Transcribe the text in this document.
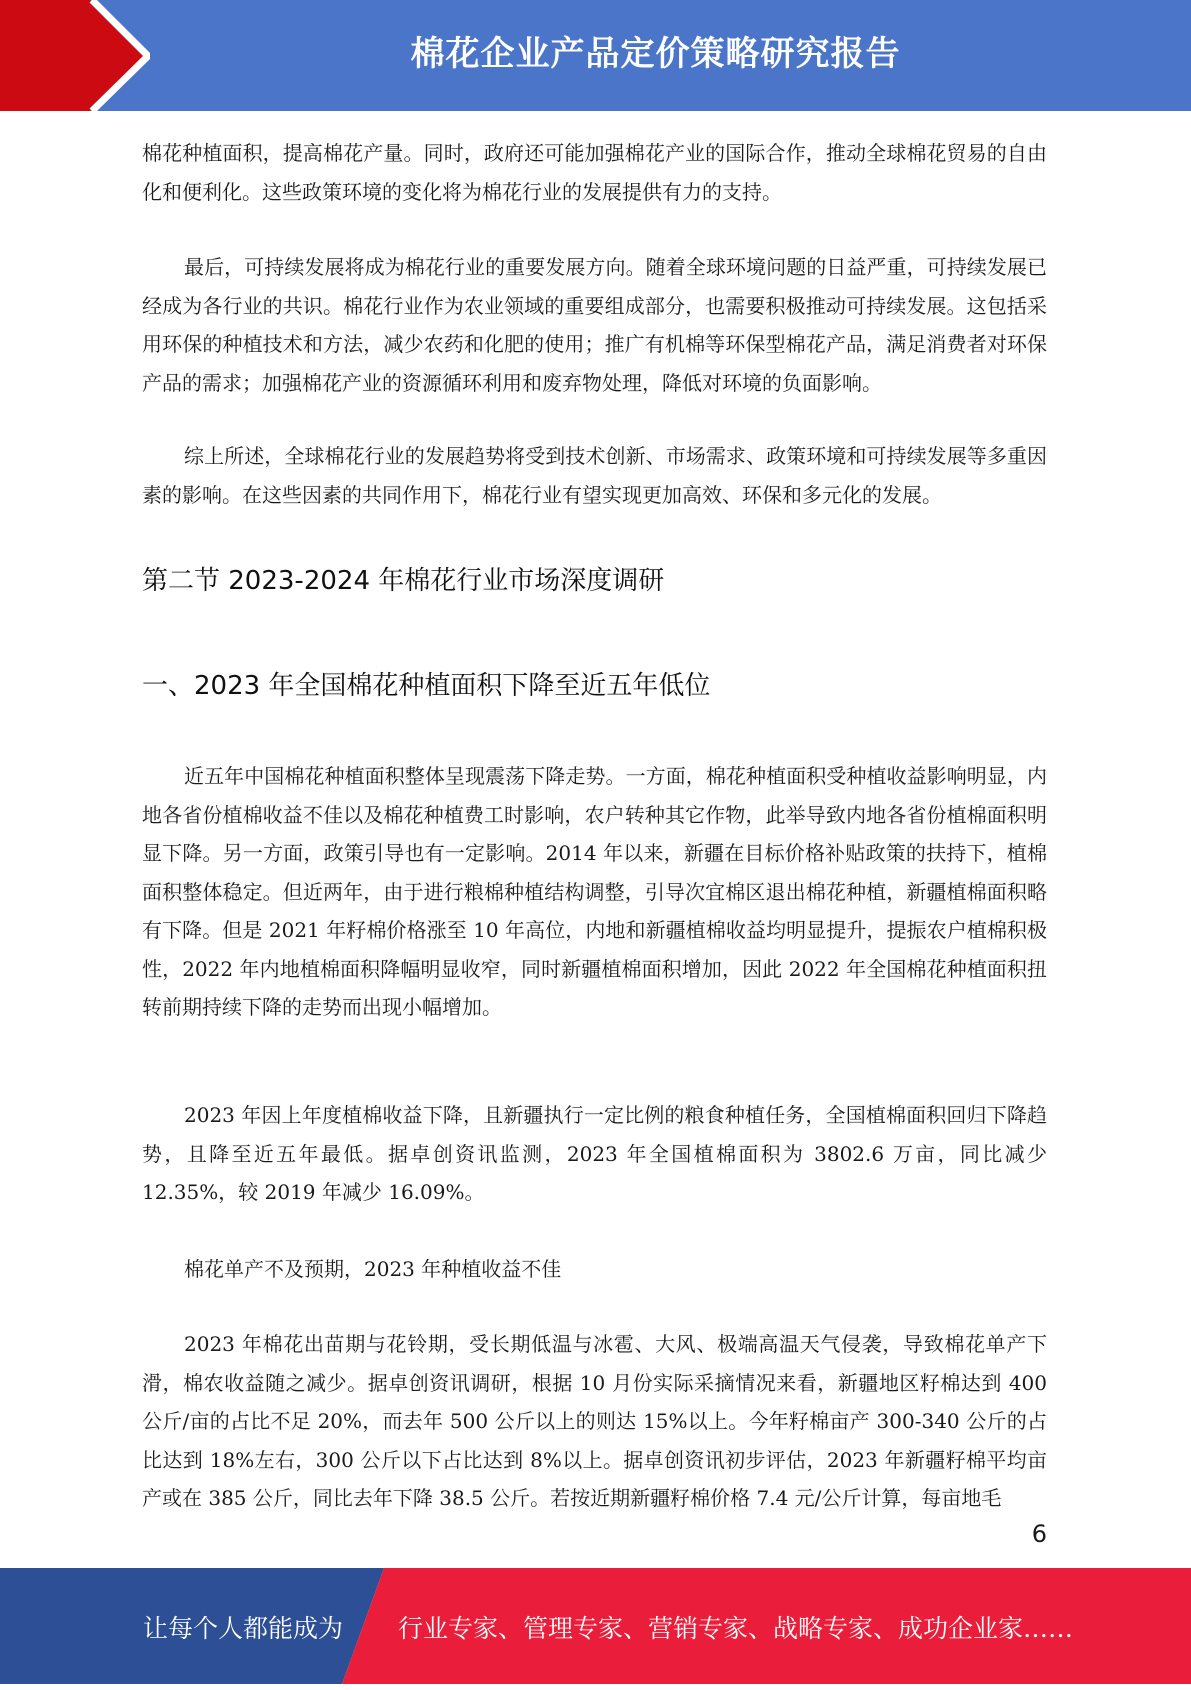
棉花企业产品定价策略研究报告

棉花种植面积，提高棉花产量。同时，政府还可能加强棉花产业的国际合作，推动全球棉花贸易的自由化和便利化。这些政策环境的变化将为棉花行业的发展提供有力的支持。

最后，可持续发展将成为棉花行业的重要发展方向。随着全球环境问题的日益严重，可持续发展已经成为各行业的共识。棉花行业作为农业领域的重要组成部分，也需要积极推动可持续发展。这包括采用环保的种植技术和方法，减少农药和化肥的使用；推广有机棉等环保型棉花产品，满足消费者对环保产品的需求；加强棉花产业的资源循环利用和废弃物处理，降低对环境的负面影响。

综上所述，全球棉花行业的发展趋势将受到技术创新、市场需求、政策环境和可持续发展等多重因素的影响。在这些因素的共同作用下，棉花行业有望实现更加高效、环保和多元化的发展。

第二节 2023-2024 年棉花行业市场深度调研
一、2023 年全国棉花种植面积下降至近五年低位

近五年中国棉花种植面积整体呈现震荡下降走势。一方面，棉花种植面积受种植收益影响明显，内地各省份植棉收益不佳以及棉花种植费工时影响，农户转种其它作物，此举导致内地各省份植棉面积明显下降。另一方面，政策引导也有一定影响。2014 年以来，新疆在目标价格补贴政策的扶持下，植棉面积整体稳定。但近两年，由于进行粮棉种植结构调整，引导次宜棉区退出棉花种植，新疆植棉面积略有下降。但是 2021 年籽棉价格涨至 10 年高位，内地和新疆植棉收益均明显提升，提振农户植棉积极性，2022 年内地植棉面积降幅明显收窄，同时新疆植棉面积增加，因此 2022 年全国棉花种植面积扭转前期持续下降的走势而出现小幅增加。

2023 年因上年度植棉收益下降，且新疆执行一定比例的粮食种植任务，全国植棉面积回归下降趋势，且降至近五年最低。据卓创资讯监测，2023 年全国植棉面积为 3802.6 万亩，同比减少 12.35%，较 2019 年减少 16.09%。

棉花单产不及预期，2023 年种植收益不佳

2023 年棉花出苗期与花铃期，受长期低温与冰雹、大风、极端高温天气侵袭，导致棉花单产下滑，棉农收益随之减少。据卓创资讯调研，根据 10 月份实际采摘情况来看，新疆地区籽棉达到 400 公斤/亩的占比不足 20%，而去年 500 公斤以上的则达 15%以上。今年籽棉亩产 300-340 公斤的占比达到 18%左右，300 公斤以下占比达到 8%以上。据卓创资讯初步评估，2023 年新疆籽棉平均亩产或在 385 公斤，同比去年下降 38.5 公斤。若按近期新疆籽棉价格 7.4 元/公斤计算，每亩地毛

6
让每个人都能成为 行业专家、管理专家、营销专家、战略专家、成功企业家……
